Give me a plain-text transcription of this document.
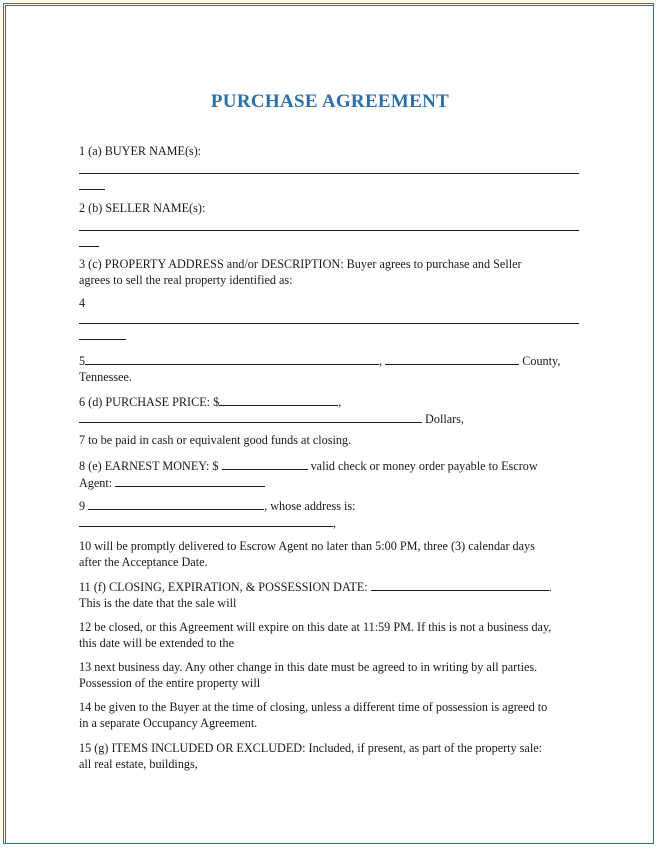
PURCHASE AGREEMENT
1 (a) BUYER NAME(s):
2 (b) SELLER NAME(s):
3 (c) PROPERTY ADDRESS and/or DESCRIPTION: Buyer agrees to purchase and Seller
agrees to sell the real property identified as:
4
5	,	County,
Tennessee.
6 (d) PURCHASE PRICE: $	,
Dollars,
7 to be paid in cash or equivalent good funds at closing.
8 (e) EARNEST MONEY: $	valid check or money order payable to Escrow
Agent:
9	, whose address is:
,
10 will be promptly delivered to Escrow Agent no later than 5:00 PM, three (3) calendar days
after the Acceptance Date.
11 (f) CLOSING, EXPIRATION, & POSSESSION DATE:	.
This is the date that the sale will
12 be closed, or this Agreement will expire on this date at 11:59 PM. If this is not a business day,
this date will be extended to the
13 next business day. Any other change in this date must be agreed to in writing by all parties.
Possession of the entire property will
14 be given to the Buyer at the time of closing, unless a different time of possession is agreed to
in a separate Occupancy Agreement.
15 (g) ITEMS INCLUDED OR EXCLUDED: Included, if present, as part of the property sale:
all real estate, buildings,
